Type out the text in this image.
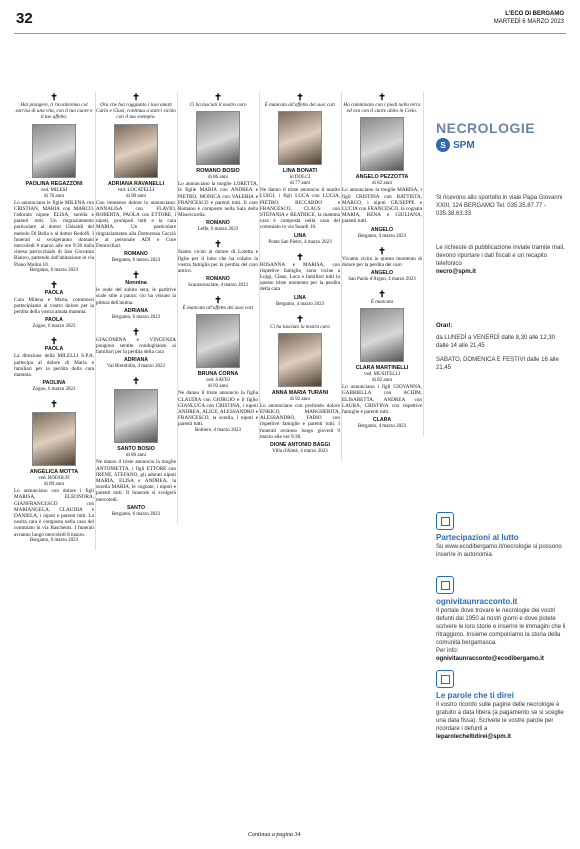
32	L'ECO DI BERGAMO
MARTEDÌ 6 MARZO 2023
✝
Hai piangere, ti ricorderemo col sorriso di una vita, con il tuo cuore e il tuo affetto.
PAOLINA REGAZZONI
ved. MILESI
di 76 anni
Lo annunciano le figlie MILENA con CRISTIAN, MARIA con MARCO, l'adorato nipote ELISA, sorella e parenti tutti. Un ringraziamento particolare al dottor Ghisaldi del metodo Di Bella e al dottor Redolfi. I funerali si svolgeranno domani mercoledì 8 marzo alle ore 9:30 dalla chiesa parrocchiale di San Giovanni Bianco, partendo dall'abitazione in via Piano Molini 10.
Bergamo, 6 marzo 2023
✝
PAOLA
Cara Milena e Maria, commossi partecipiamo al vostro dolore per la perdita della vostra amata mamma.
PAOLA
Zogno, 6 marzo 2023
✝
PAOLA
La direzione della MILELLI S.P.A. partecipa al dolore di Maria e familiari per la perdita della cara mamma.
PAOLINA
Zogno, 6 marzo 2023
✝
ANGELICA MOTTA
ved. RODOLFI
di 89 anni
Lo annunciano con dolore i figli MARISA, ELEONORA, GIANFRANCESCO con MARIANGELA, CLAUDIA e DANIELA, i nipoti e parenti tutti. La nostra cara è composta nella casa del commiato in via Baschenis. I funerali avranno luogo mercoledì 8 marzo.
Bergamo, 6 marzo 2023
✝
Ora che hai raggiunto i tuoi amati Carlo e Giusi, continua a starci vicino con il tuo esempio.
ADRIANA RAVANELLI
ved. LOCATELLI
di 90 anni
Con immenso dolore lo annunciano: ANNALISA con FLAVIO, ROBERTA, PAOLA con ETTORE, i nipoti, pronipoti tutti e la cara MARIA. Un particolare ringraziamento alla Dottoressa Cacciò e al personale ADI e Cure Domiciliari.
ROMANO
Bergamo, 6 marzo 2023
✝
Nonnina
le onde del subito sera, le partitive scale stile a paura: cio ha vissuto la pittura dell'anima.
ADRIANA
Bergamo, 6 marzo 2023
✝
GIACOMINA e VINCENZA pongono sentite condoglianze ai familiari per la perdita della cara
ADRIANA
Val Brembilla, 4 marzo 2023
✝
SANTO BOSIO
di 80 anni
Ne danno il triste annuncio la moglie ANTONIETTA, i figli ETTORE con IRENE, STEFANO, gli adorati nipoti MARIA, ELISA e ANDREA, la sorella MARIA, le cognate, i nipoti e parenti tutti. Il funerale si svolgerà mercoledì.
SANTO
Bergamo, 6 marzo 2023
✝
Ci ha lasciati il nostro caro
ROMANO BOSIO
di 86 anni
Lo annunciano la moglie LORETTA, le figlie MARIA con ANDREA e PIETRO, MONICA con VALERIA e FRANCESCO e parenti tutti. Il caro Romano è composto nella Sala della Misericordia.
ROMANO
Leffe, 6 marzo 2023
✝
Siamo vicini al dolore di Loretta e figlie per il lutto che ha colpito la vostra famiglia per la perdita del caro amico.
ROMANO
Scanzorosciate, 4 marzo 2023
✝
È mancata all'affetto dei suoi cari
BRUNA CORNA
ved. SAVIO
di 92 anni
Ne danno il triste annuncio la figlia CLAUDIA con GIORGIO e il figlio GIANLUCA con CRISTINA, i nipoti ANDREA, ALICE, ALESSANDRO e FRANCESCO, la sorella, i nipoti e parenti tutti.
Boltiere, 4 marzo 2023
✝
È mancata all'affetto dei suoi cari
LINA BONATI
in DOLCI
di 77 anni
Ne danno il triste annuncio il marito LUIGI, i figli LUCA con LUCIA, PIETRO, RICCARDO e FRANCESCO, CLAUS con STEFANIA e BEATRICE, la mamma cara è composta nella casa del commiato in via Suardi 16.
LINA
Ponte San Pietro, 4 marzo 2023
✝
ROSANNA e MARISA, con rispettive famiglie, sono vicine a Luigi, Claus, Luca e familiari tutti in questo triste momento per la perdita della cara
LINA
Bergamo, 4 marzo 2023
✝
Ci ha lasciato la nostra cara
ANNA MARIA TURANI
di 92 anni
Lo annunciano con profondo dolore ENRICO, MARGHERITA, ALESSANDRO, FABIO con rispettive famiglie e parenti tutti. I funerali avranno luogo giovedì 9 marzo alle ore 9:30.
DIONE ANTONIO BAGGI
Villa d'Almè, 4 marzo 2023
✝
Ho camminato con i piedi nella terra ed ora con il cuore abito in Cielo.
ANGELO PEZZOTTA
di 82 anni
Lo annunciano la moglie MARISA, i figli CRISTINA con BATTISTA, MARCO, i nipoti GIUSEPPE e LUCIA con FRANCESCO, la cognata MARIA, RENA e GIULIANA, parenti tutti.
ANGELO
Bergamo, 4 marzo 2023
✝
Vivamo vicini in questo momento di dolore per la perdita del caro
ANGELO
San Paolo d'Argon, 4 marzo 2023
✝
È mancata
CLARA MARTINELLI
ved. MUSITELLI
di 82 anni
Lo annunciano i figli GIOVANNA, GABRIELLA con ACHIM, ELISABETTA, ANDREA con LAURA, CRISTINA con rispettive famiglie e parenti tutti.
CLARA
Bergamo, 4 marzo 2023
Continua a pagina 34
NECROLOGIE
S SPM

Si ricevono allo sportello in viale Papa Giovanni XXIII, 124 BERGAMO Tel. 035.35.87.77 - 035.38.63.33

Le richieste di pubblicazione inviate tramite mail, devono riportare i dati fiscali e un recapito telefonico

necro@spm.it

Orari:

da LUNEDÌ a VENERDÌ dalle 8,30 alle 12,30 dalle 14 alle 21,45

SABATO, DOMENICA E FESTIVI dalle 16 alle 21,45

Partecipazioni al lutto

Su www.ecodibergamo.it/necrologie si possono inserire in autonomia.

ognivitaunracconto.it

Il portale dove trovare le necrologie dei vostri defunti dal 1950 ai nostri giorni e dove potete scrivere le loro storie e inserire le immagini che li ritraggono. Insieme componiamo la storia della comunità bergamasca.

Per info:

ognivitaunracconto@ecodibergamo.it

Le parole che ti direi

Il vostro ricordo sulle pagine delle necrologie è gratuito a data libera (a pagamento se si sceglie una data fissa). Scrivete le vostre parole per ricordare i defunti a

leparolecheltidirei@spm.it
